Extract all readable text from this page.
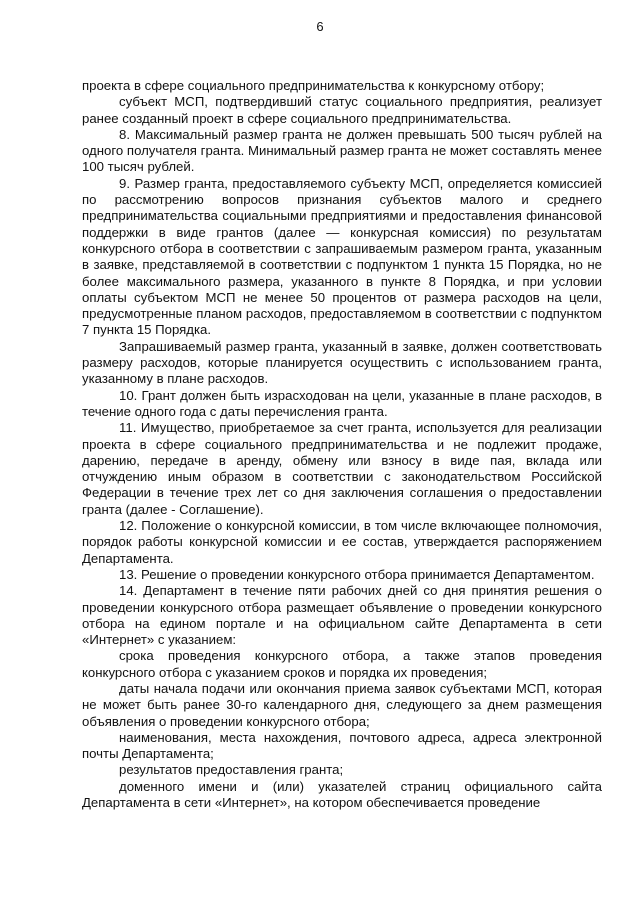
6

проекта в сфере социального предпринимательства к конкурсному отбору;

субъект МСП, подтвердивший статус социального предприятия, реализует ранее созданный проект в сфере социального предпринимательства.

8. Максимальный размер гранта не должен превышать 500 тысяч рублей на одного получателя гранта. Минимальный размер гранта не может составлять менее 100 тысяч рублей.

9. Размер гранта, предоставляемого субъекту МСП, определяется комиссией по рассмотрению вопросов признания субъектов малого и среднего предпринимательства социальными предприятиями и предоставления финансовой поддержки в виде грантов (далее — конкурсная комиссия) по результатам конкурсного отбора в соответствии с запрашиваемым размером гранта, указанным в заявке, представляемой в соответствии с подпунктом 1 пункта 15 Порядка, но не более максимального размера, указанного в пункте 8 Порядка, и при условии оплаты субъектом МСП не менее 50 процентов от размера расходов на цели, предусмотренные планом расходов, предоставляемом в соответствии с подпунктом 7 пункта 15 Порядка.

Запрашиваемый размер гранта, указанный в заявке, должен соответствовать размеру расходов, которые планируется осуществить с использованием гранта, указанному в плане расходов.

10. Грант должен быть израсходован на цели, указанные в плане расходов, в течение одного года с даты перечисления гранта.

11. Имущество, приобретаемое за счет гранта, используется для реализации проекта в сфере социального предпринимательства и не подлежит продаже, дарению, передаче в аренду, обмену или взносу в виде пая, вклада или отчуждению иным образом в соответствии с законодательством Российской Федерации в течение трех лет со дня заключения соглашения о предоставлении гранта (далее - Соглашение).

12. Положение о конкурсной комиссии, в том числе включающее полномочия, порядок работы конкурсной комиссии и ее состав, утверждается распоряжением Департамента.

13. Решение о проведении конкурсного отбора принимается Департаментом.

14. Департамент в течение пяти рабочих дней со дня принятия решения о проведении конкурсного отбора размещает объявление о проведении конкурсного отбора на едином портале и на официальном сайте Департамента в сети «Интернет» с указанием:

срока проведения конкурсного отбора, а также этапов проведения конкурсного отбора с указанием сроков и порядка их проведения;

даты начала подачи или окончания приема заявок субъектами МСП, которая не может быть ранее 30-го календарного дня, следующего за днем размещения объявления о проведении конкурсного отбора;

наименования, места нахождения, почтового адреса, адреса электронной почты Департамента;

результатов предоставления гранта;

доменного имени и (или) указателей страниц официального сайта Департамента в сети «Интернет», на котором обеспечивается проведение
